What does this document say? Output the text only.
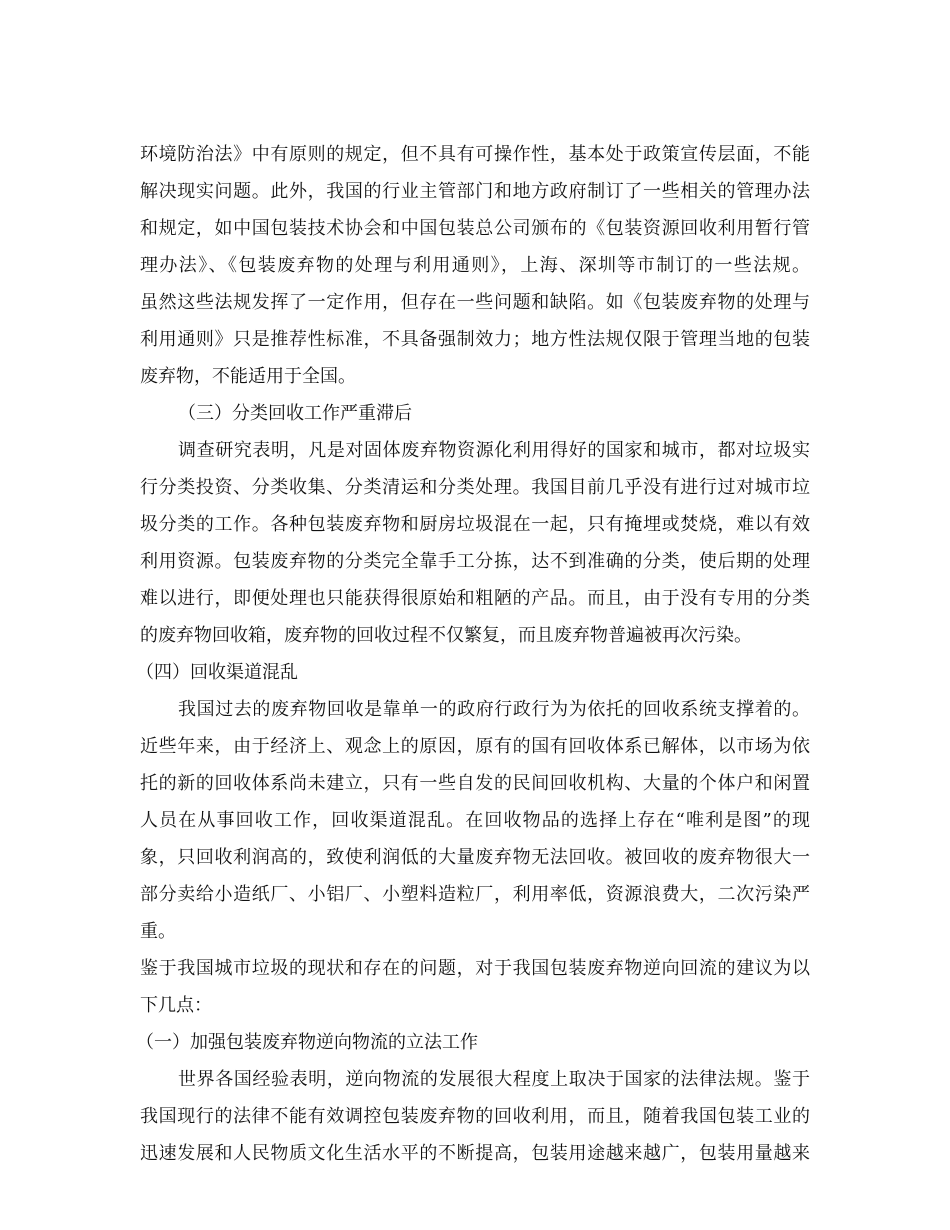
环境防治法》中有原则的规定，但不具有可操作性，基本处于政策宣传层面，不能
解决现实问题。此外，我国的行业主管部门和地方政府制订了一些相关的管理办法
和规定，如中国包装技术协会和中国包装总公司颁布的《包装资源回收利用暂行管
理办法》、《包装废弃物的处理与利用通则》，上海、深圳等市制订的一些法规。
虽然这些法规发挥了一定作用，但存在一些问题和缺陷。如《包装废弃物的处理与
利用通则》只是推荐性标准，不具备强制效力；地方性法规仅限于管理当地的包装
废弃物，不能适用于全国。
（三）分类回收工作严重滞后
调查研究表明，凡是对固体废弃物资源化利用得好的国家和城市，都对垃圾实
行分类投资、分类收集、分类清运和分类处理。我国目前几乎没有进行过对城市垃
圾分类的工作。各种包装废弃物和厨房垃圾混在一起，只有掩埋或焚烧，难以有效
利用资源。包装废弃物的分类完全靠手工分拣，达不到准确的分类，使后期的处理
难以进行，即便处理也只能获得很原始和粗陋的产品。而且，由于没有专用的分类
的废弃物回收箱，废弃物的回收过程不仅繁复，而且废弃物普遍被再次污染。
（四）回收渠道混乱
我国过去的废弃物回收是靠单一的政府行政行为为依托的回收系统支撑着的。
近些年来，由于经济上、观念上的原因，原有的国有回收体系已解体，以市场为依
托的新的回收体系尚未建立，只有一些自发的民间回收机构、大量的个体户和闲置
人员在从事回收工作，回收渠道混乱。在回收物品的选择上存在“唯利是图”的现
象，只回收利润高的，致使利润低的大量废弃物无法回收。被回收的废弃物很大一
部分卖给小造纸厂、小铝厂、小塑料造粒厂，利用率低，资源浪费大，二次污染严
重。
鉴于我国城市垃圾的现状和存在的问题，对于我国包装废弃物逆向回流的建议为以
下几点：
（一）加强包装废弃物逆向物流的立法工作
世界各国经验表明，逆向物流的发展很大程度上取决于国家的法律法规。鉴于
我国现行的法律不能有效调控包装废弃物的回收利用，而且，随着我国包装工业的
迅速发展和人民物质文化生活水平的不断提高，包装用途越来越广，包装用量越来
